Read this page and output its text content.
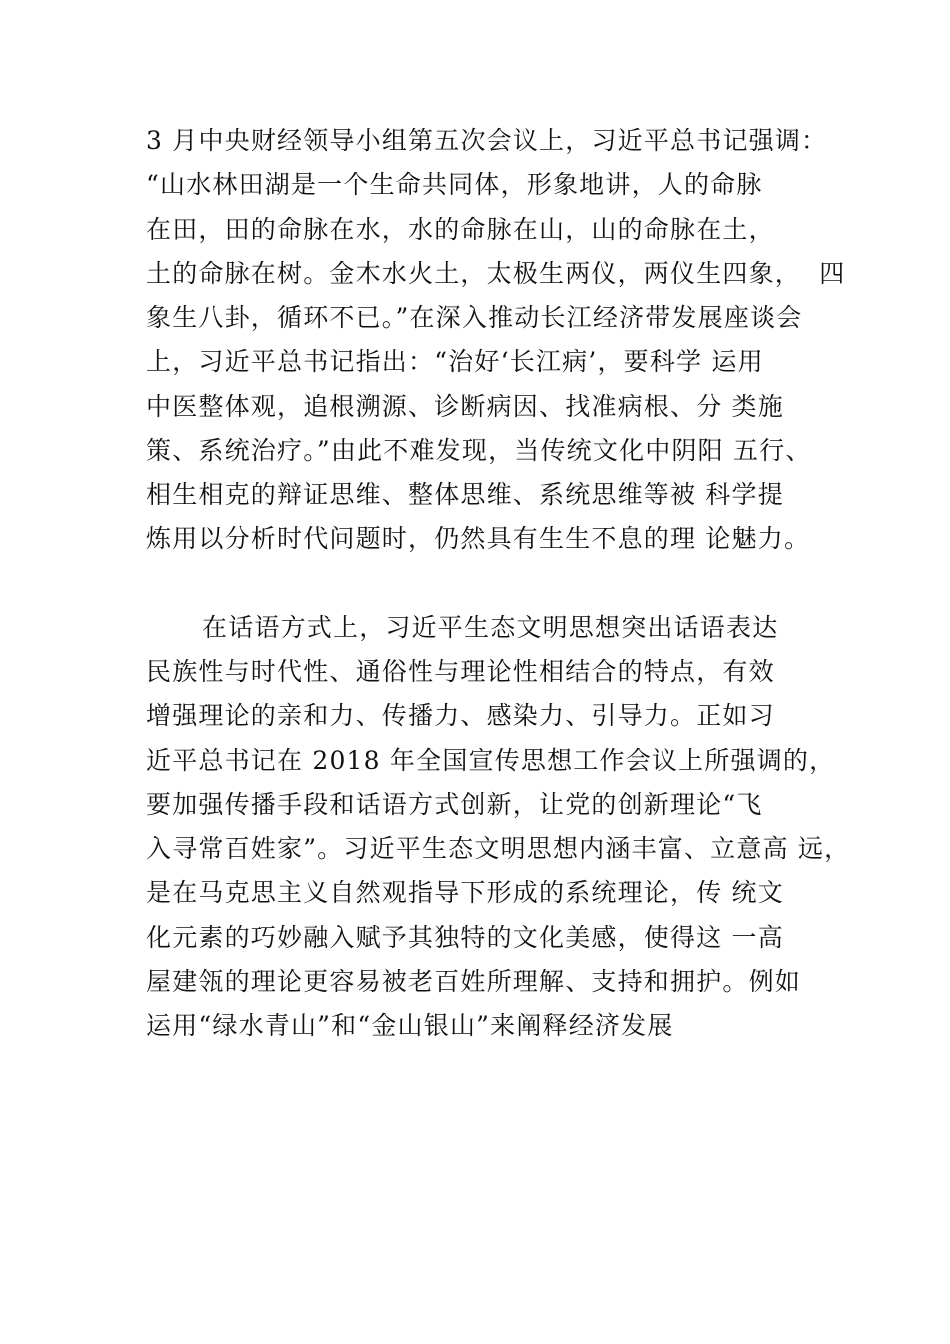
3 月中央财经领导小组第五次会议上，习近平总书记强调：
“山水林田湖是一个生命共同体，形象地讲，人的命脉
在田，田的命脉在水，水的命脉在山，山的命脉在土，
土的命脉在树。金木水火土，太极生两仪，两仪生四象，  四
象生八卦，循环不已。”在深入推动长江经济带发展座谈会
上，习近平总书记指出：“治好‘长江病’，要科学 运用
中医整体观，追根溯源、诊断病因、找准病根、分 类施
策、系统治疗。”由此不难发现，当传统文化中阴阳 五行、
相生相克的辩证思维、整体思维、系统思维等被 科学提
炼用以分析时代问题时，仍然具有生生不息的理 论魅力。
在话语方式上，习近平生态文明思想突出话语表达
民族性与时代性、通俗性与理论性相结合的特点，有效
增强理论的亲和力、传播力、感染力、引导力。正如习
近平总书记在 2018 年全国宣传思想工作会议上所强调的，
要加强传播手段和话语方式创新，让党的创新理论“飞
入寻常百姓家”。习近平生态文明思想内涵丰富、立意高 远，
是在马克思主义自然观指导下形成的系统理论，传 统文
化元素的巧妙融入赋予其独特的文化美感，使得这 一高
屋建瓴的理论更容易被老百姓所理解、支持和拥护。例如
运用“绿水青山”和“金山银山”来阐释经济发展
